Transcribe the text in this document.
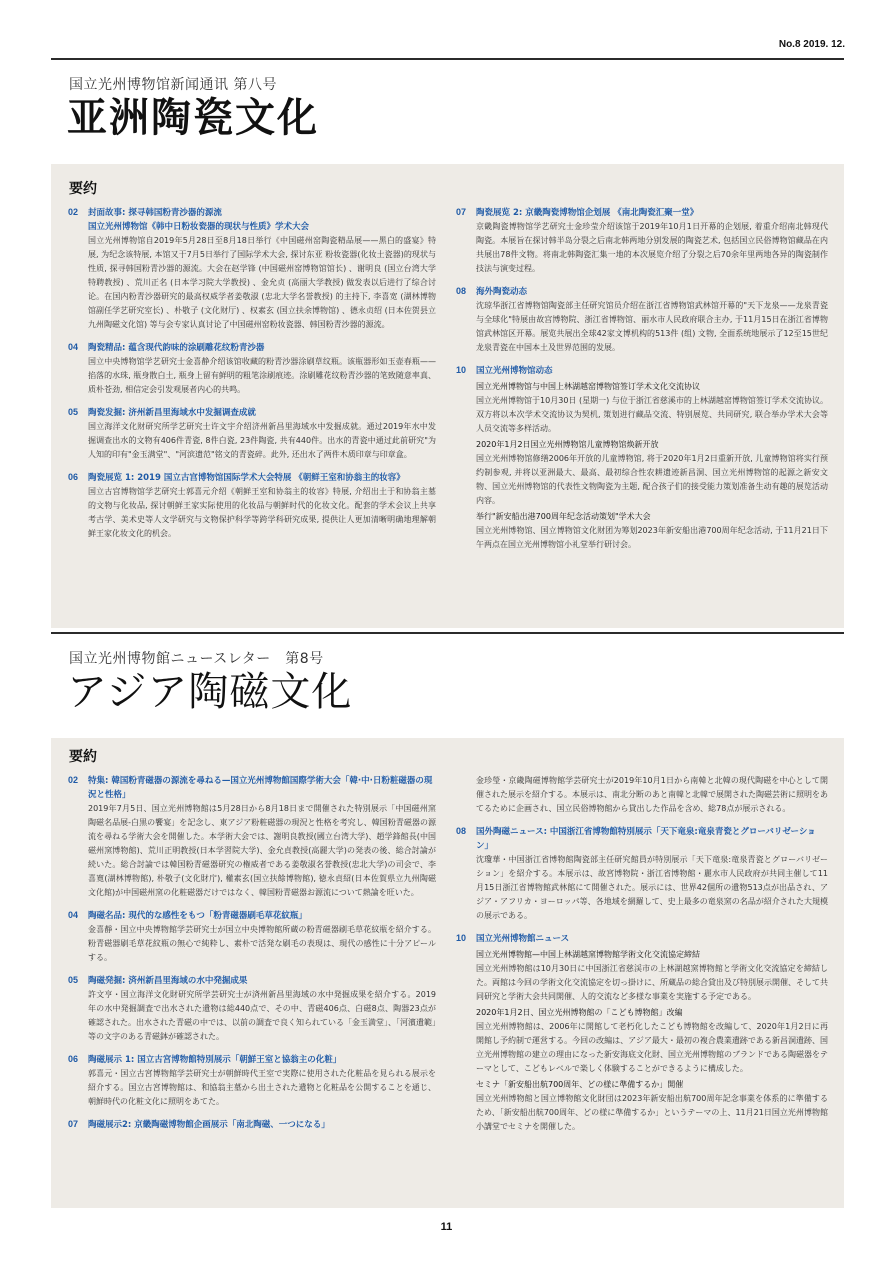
No.8 2019. 12.
国立光州博物馆新闻通讯 第八号
亚洲陶瓷文化
要约
02 封面故事: 探寻韩国粉青沙器的源流
国立光州博物馆《韩中日粉妆瓷器的现状与性质》学术大会
国立光州博物馆自2019年5月28日至8月18日举行《中国磁州窑陶瓷精品展——黑白的盛宴》特展, 为纪念该特展, 本馆又于7月5日举行了国际学术大会, 探讨东亚 粉妆瓷器(化妆土瓷器)的现状与性质, 探寻韩国粉青沙器的源流。大会在赵学锋 (中国磁州窑博物馆馆长) 、谢明良 (国立台湾大学特聘教授) 、荒川正名 (日本学习院大学教授) 、金允贞 (高丽大学教授) 做发表以后进行了综合讨论。在国内粉青沙器研究的最高权威学者姜敬淑 (忠北大学名誉教授) 的主持下, 李喜宽 (湖林博物馆副任学艺研究室长) 、朴敬子 (文化财厅) 、权素玄 (国立扶余博物馆) 、德永贞绍 (日本佐贺县立九州陶磁文化馆) 等与会专家认真讨论了中国磁州窑粉妆瓷器、韩国粉青沙器的源流。
04 陶瓷精品: 蕴含现代韵味的涂刷雕花纹粉青沙器
国立中央博物馆学艺研究士金喜静介绍该馆收藏的粉青沙器涂刷草纹瓶。该瓶器形如玉壶春瓶——掐落的水珠, 瓶身散白土, 瓶身上留有鲜明的粗笔涂刷痕迹。涂刷雕花纹粉青沙器的笔致随意率真、质朴苍劲, 相信定会引发观展者内心的共鸣。
05 陶瓷发掘: 济州新昌里海域水中发掘调查成就
国立海洋文化财研究所学艺研究士许文宇介绍济州新昌里海域水中发掘成就。通过2019年水中发掘调查出水的文物有406件青瓷, 8件白瓷, 23件陶瓷, 共有440件。出水的青瓷中通过此前研究"为人知的印有"金玉满堂"、"河滨遗范"铭文的青瓷碎。此外, 还出水了两件木质印章与印章盒。
06 陶瓷展览 1: 2019 国立古宫博物馆国际学术大会特展 《朝鲜王室和协翁主的妆容》
国立古宫博物馆学艺研究士郭喜元介绍《朝鲜王室和协翁主的妆容》特展, 介绍出土于和协翁主墓的文物与化妆品, 探讨朝鲜王家实际使用的化妆品与朝鲜时代的化妆文化。配套的学术会议上共享考古学、美术史等人文学研究与文物保护科学等跨学科研究成果, 提供让人更加清晰明确地理解朝鲜王家化妆文化的机会。
07 陶瓷展览 2: 京畿陶瓷博物馆企划展 《南北陶瓷汇聚一堂》
京畿陶瓷博物馆学艺研究士金珍莹介绍该馆于2019年10月1日开幕的企划展, 着重介绍南北韩现代陶瓷。本展旨在探讨韩半岛分裂之后南北韩两地分别发展的陶瓷艺术, 包括国立民俗博物馆藏品在内共展出78件文物。将南北韩陶瓷汇集一地的本次展览介绍了分裂之后70余年里两地各异的陶瓷制作技法与演变过程。
08 海外陶瓷动态
沈琼华浙江省博物馆陶瓷部主任研究馆员介绍在浙江省博物馆武林馆开幕的"天下龙泉——龙泉青瓷与全球化"特展由故宫博物院、浙江省博物馆、丽水市人民政府联合主办, 于11月15日在浙江省博物馆武林馆区开幕。展览共展出全球42家文博机构的513件 (组) 文物, 全面系统地展示了12至15世纪龙泉青瓷在中国本土及世界范围的发展。
10 国立光州博物馆动态
国立光州博物馆与中国上林湖越窑博物馆签订学术文化交流协议
国立光州博物馆于10月30日 (星期一) 与位于浙江省慈溪市的上林湖越窑博物馆签订学术交流协议。双方将以本次学术交流协议为契机, 策划进行藏品交流、特别展览、共同研究, 联合举办学术大会等人员交流等多样活动。
2020年1月2日国立光州博物馆儿童博物馆焕新开放
国立光州博物馆修缮2006年开放的儿童博物馆, 将于2020年1月2日重新开放, 儿童博物馆将实行预约制参观, 并将以亚洲最大、最高、最初综合性农耕遗迹新昌洞、国立光州博物馆的起源之新安文物、国立光州博物馆的代表性文物陶瓷为主题, 配合孩子们的接受能力策划准备生动有趣的展览活动内容。
举行"新安船出港700周年纪念活动策划"学术大会
国立光州博物馆、国立博物馆文化财团为筹划2023年新安船出港700周年纪念活动, 于11月21日下午两点在国立光州博物馆小礼堂举行研讨会。
国立光州博物館ニュースレター　第8号
アジア陶磁文化
要約
02 特集: 韓国粉青磁器の源流を尋ねる—国立光州博物館国際学術大会「韓·中·日粉粧磁器の現況と性格」
2019年7月5日、国立光州博物館は5月28日から8月18日まで開催された特別展示「中国磁州窯陶磁名品展-白黒の饗宴」を記念し、東アジア粉粧磁器の現況と性格を考究し、韓国粉青磁器の源流を尋ねる学術大会を開催した。本学術大会では、謝明良教授(國立台湾大学)、趙学鋒館長(中国磁州窯博物館)、荒川正明教授(日本学習院大学)、金允貞教授(高麗大学)の発表の後、総合討論が続いた。総合討論では韓国粉青磁器研究の権威者である姜敬淑名誉教授(忠北大学)の司会で、李喜寛(湖林博物館), 朴敬子(文化財庁), 權素玄(国立扶餘博物館), 徳永貞紹(日本佐賀県立九州陶磁文化館)が中国磁州窯の化粧磁器だけではなく、韓国粉青磁器お源流について熱論を旺いた。
04 陶磁名品: 現代的な感性をもつ「粉青磁器刷毛草花紋瓶」
金喜靜・国立中央博物館学芸研究士が国立中央博物館所蔵の粉青磁器刷毛草花紋瓶を紹介する。粉青磁器刷毛草花紋瓶の無心で純粋し、素朴で活発な刷毛の表現は、現代の感性に十分アピールする。
05 陶磁発掘: 済州新昌里海域の水中発掘成果
許文亨・国立海洋文化財研究所学芸研究士が済州新昌里海域の水中発掘成果を紹介する。2019年の水中発掘調査で出水された遺物は総440点で、その中、青磁406点、白磁8点、陶器23点が確認された。出水された青磁の中では、以前の調査で良く知られている「金玉満堂」、「河濱遺範」等の文字のある青磁鉢が確認された。
06 陶磁展示 1: 国立古宮博物館特別展示「朝鮮王室と協翁主の化粧」
郭喜元・国立古宮博物館学芸研究士が朝鮮時代王室で実際に使用された化粧品を見られる展示を紹介する。国立古宮博物館は、和協翁主墓から出土された遺物と化粧品を公開することを通じ、朝鮮時代の化粧文化に照明をあてた。
07 陶磁展示2: 京畿陶磁博物館企画展示「南北陶磁、一つになる」
金珍瑩・京畿陶磁博物館学芸研究士が2019年10月1日から南韓と北韓の現代陶磁を中心として開催された展示を紹介する。本展示は、南北分断のあと南韓と北韓で展開された陶磁芸術に照明をあてるために企画され、国立民俗博物館から貸出した作品を含め、総78点が展示される。
08 国外陶磁ニュース: 中国浙江省博物館特別展示「天下竜泉:竜泉青瓷とグローバリゼーション」
沈瓊華・中国浙江省博物館陶瓷部主任研究館員が特別展示「天下竜泉:竜泉青瓷とグローバリゼーション」を紹介する。本展示は、故宮博物院・浙江省博物館・麗水市人民政府が共同主催して11月15日浙江省博物館武林館にて開催された。展示には、世界42個所の遺物513点が出品され、アジア・アフリカ・ヨーロッパ等、各地域を網羅して、史上最多の竜泉窯の名品が紹介された大規模の展示である。
10 国立光州博物館ニュース
国立光州博物館—中国上林湖越窯博物館学術文化交流協定締結
国立光州博物館は10月30日に中国浙江省慈渓市の上林湖越窯博物館と学術文化交流協定を締結した。両館は今回の学術文化交流協定を切っ掛けに、所蔵品の総合貸出及び特別展示開催、そして共同研究と学術大会共同開催、人的交流など多様な事業を実施する予定である。
2020年1月2日、国立光州博物館の「こども博物館」改編
国立光州博物館は、2006年に開館して老朽化したこども博物館を改編して、2020年1月2日に再開館し予約制で運営する。今回の改編は、アジア最大・最初の複合農業遺跡である新昌洞遺跡、国立光州博物館の建立の理由になった新安海底文化財、国立光州博物館のブランドである陶磁器をテーマとして、こどもレベルで楽しく体験することができるように構成した。
セミナ「新安船出航700周年、どの様に準備するか」開催
国立光州博物館と国立博物館文化財団は2023年新安船出航700周年記念事業を体系的に準備するため、「新安船出航700周年、どの様に準備するか」というテーマの上、11月21日国立光州博物館小講堂でセミナを開催した。
11
